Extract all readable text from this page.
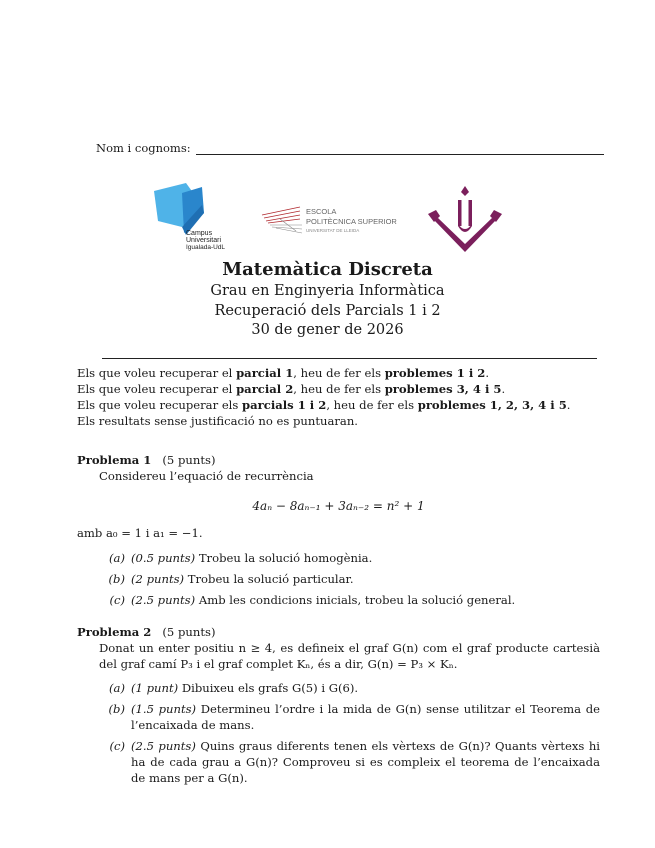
Nom i cognoms:
Campus
Universitari
Igualada-UdL
ESCOLA
POLITÈCNICA SUPERIOR
UNIVERSITAT DE LLEIDA
Matemàtica Discreta
Grau en Enginyeria Informàtica
Recuperació dels Parcials 1 i 2
30 de gener de 2026
Els que voleu recuperar el parcial 1, heu de fer els problemes 1 i 2.
Els que voleu recuperar el parcial 2, heu de fer els problemes 3, 4 i 5.
Els que voleu recuperar els parcials 1 i 2, heu de fer els problemes 1, 2, 3, 4 i 5.
Els resultats sense justificació no es puntuaran.
Problema 1 (5 punts)
Considereu l’equació de recurrència
4aₙ − 8aₙ₋₁ + 3aₙ₋₂ = n² + 1
amb a₀ = 1 i a₁ = −1.
(a) (0.5 punts) Trobeu la solució homogènia.
(b) (2 punts) Trobeu la solució particular.
(c) (2.5 punts) Amb les condicions inicials, trobeu la solució general.
Problema 2 (5 punts)
Donat un enter positiu n ≥ 4, es defineix el graf G(n) com el graf producte cartesià del graf camí P₃ i el graf complet Kₙ, és a dir, G(n) = P₃ × Kₙ.
(a) (1 punt) Dibuixeu els grafs G(5) i G(6).
(b) (1.5 punts) Determineu l’ordre i la mida de G(n) sense utilitzar el Teorema de l’encaixada de mans.
(c) (2.5 punts) Quins graus diferents tenen els vèrtexs de G(n)? Quants vèrtexs hi ha de cada grau a G(n)? Comproveu si es compleix el teorema de l’encaixada de mans per a G(n).
